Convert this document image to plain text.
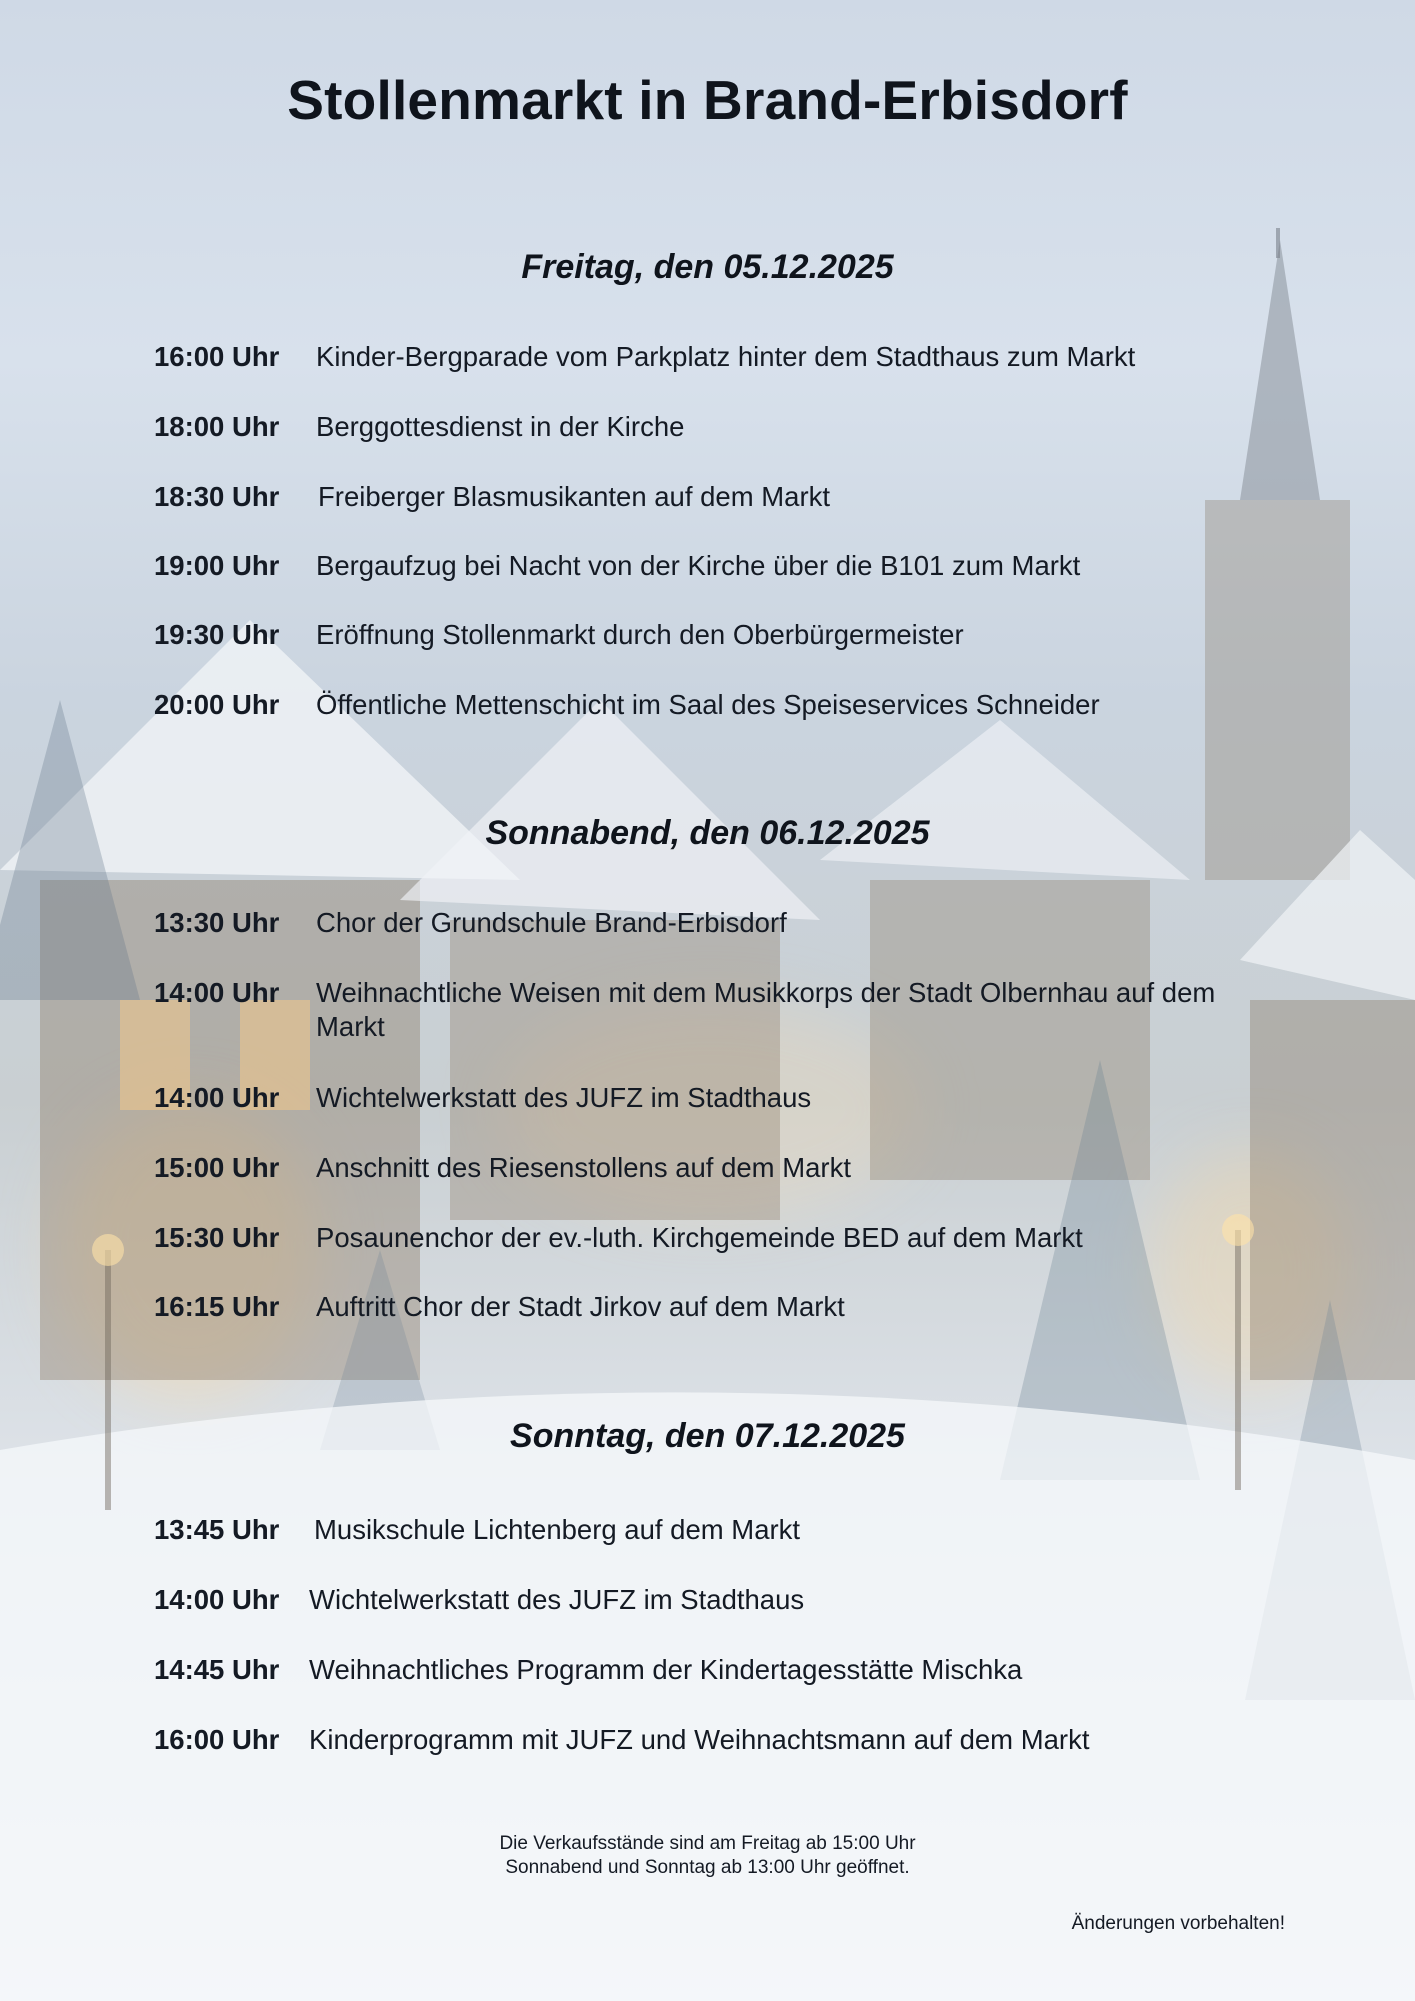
Stollenmarkt in Brand-Erbisdorf
Freitag, den 05.12.2025
16:00 Uhr Kinder-Bergparade vom Parkplatz hinter dem Stadthaus zum Markt
18:00 Uhr Berggottesdienst in der Kirche
18:30 Uhr Freiberger Blasmusikanten auf dem Markt
19:00 Uhr Bergaufzug bei Nacht von der Kirche über die B101 zum Markt
19:30 Uhr Eröffnung Stollenmarkt durch den Oberbürgermeister
20:00 Uhr Öffentliche Mettenschicht im Saal des Speiseservices Schneider
Sonnabend, den 06.12.2025
13:30 Uhr Chor der Grundschule Brand-Erbisdorf
14:00 Uhr Weihnachtliche Weisen mit dem Musikkorps der Stadt Olbernhau auf dem Markt
14:00 Uhr Wichtelwerkstatt des JUFZ im Stadthaus
15:00 Uhr Anschnitt des Riesenstollens auf dem Markt
15:30 Uhr Posaunenchor der ev.-luth. Kirchgemeinde BED auf dem Markt
16:15 Uhr Auftritt Chor der Stadt Jirkov auf dem Markt
Sonntag, den 07.12.2025
13:45 Uhr Musikschule Lichtenberg auf dem Markt
14:00 Uhr Wichtelwerkstatt des JUFZ im Stadthaus
14:45 Uhr Weihnachtliches Programm der Kindertagesstätte Mischka
16:00 Uhr Kinderprogramm mit JUFZ und Weihnachtsmann auf dem Markt
Die Verkaufsstände sind am Freitag ab 15:00 Uhr
Sonnabend und Sonntag ab 13:00 Uhr geöffnet.
Änderungen vorbehalten!
